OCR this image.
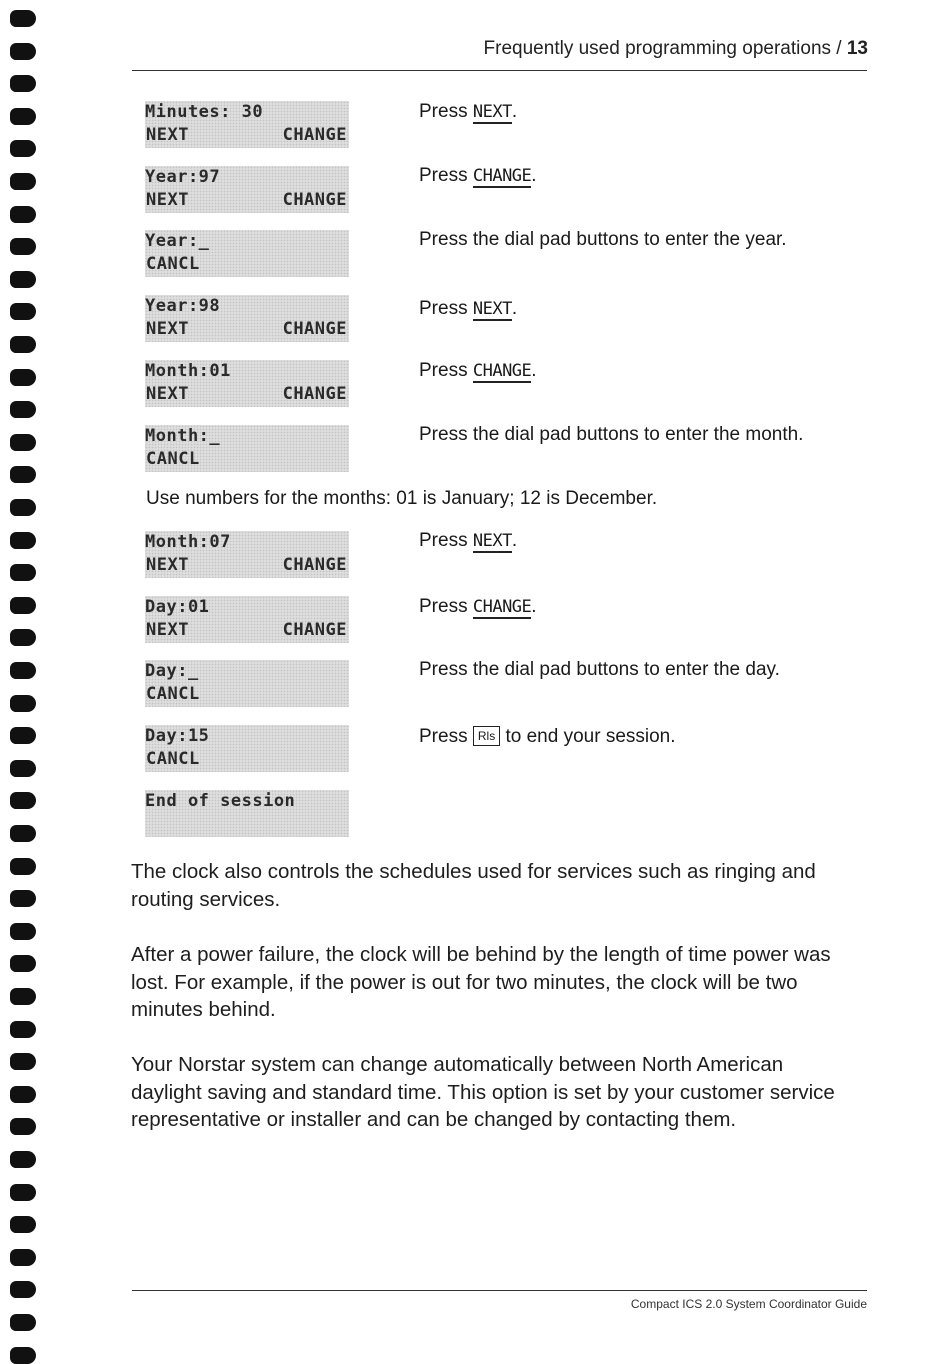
Frequently used programming operations / 13
Minutes: 30
NEXT	CHANGE
Press NEXT.
Year:97
NEXT	CHANGE
Press CHANGE.
Year:_
CANCL
Press the dial pad buttons to enter the year.
Year:98
NEXT	CHANGE
Press NEXT.
Month:01
NEXT	CHANGE
Press CHANGE.
Month:_
CANCL
Press the dial pad buttons to enter the month.
Use numbers for the months: 01 is January; 12 is December.
Month:07
NEXT	CHANGE
Press NEXT.
Day:01
NEXT	CHANGE
Press CHANGE.
Day:_
CANCL
Press the dial pad buttons to enter the day.
Day:15
CANCL
Press Rls to end your session.
End of session
The clock also controls the schedules used for services such as ringing and routing services.
After a power failure, the clock will be behind by the length of time power was lost. For example, if the power is out for two minutes, the clock will be two minutes behind.
Your Norstar system can change automatically between North American daylight saving and standard time. This option is set by your customer service representative or installer and can be changed by contacting them.
Compact ICS 2.0 System Coordinator Guide
